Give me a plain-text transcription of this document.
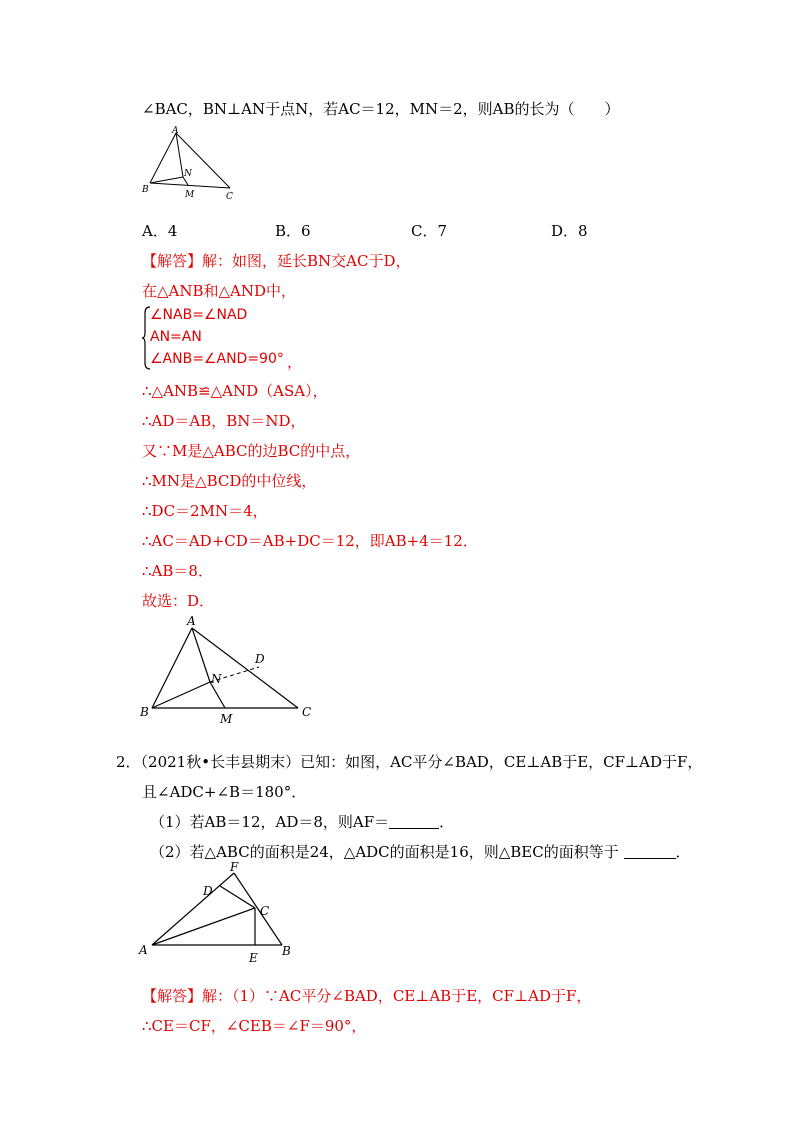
∠BAC，BN⊥AN于点N，若AC＝12，MN＝2，则AB的长为（　　）
A
B
C
N
M
A．4	B．6	C．7	D．8
【解答】解：如图，延长BN交AC于D，
在△ANB和△AND中，
∠NAB=∠NAD
AN=AN
∠ANB=∠AND=90° ，
∴△ANB≌△AND（ASA），
∴AD＝AB，BN＝ND，
又∵M是△ABC的边BC的中点，
∴MN是△BCD的中位线，
∴DC＝2MN＝4，
∴AC＝AD+CD＝AB+DC＝12，即AB+4＝12．
∴AB＝8．
故选：D．
A
B	C
D
N
M
2．（2021秋•长丰县期末）已知：如图，AC平分∠BAD，CE⊥AB于E，CF⊥AD于F，
且∠ADC+∠B＝180°．
（1）若AB＝12，AD＝8，则AF＝	．
（2）若△ABC的面积是24，△ADC的面积是16，则△BEC的面积等于	．
F
D
C
A
E B
【解答】解：（1）∵AC平分∠BAD，CE⊥AB于E，CF⊥AD于F，
∴CE＝CF，∠CEB＝∠F＝90°，
